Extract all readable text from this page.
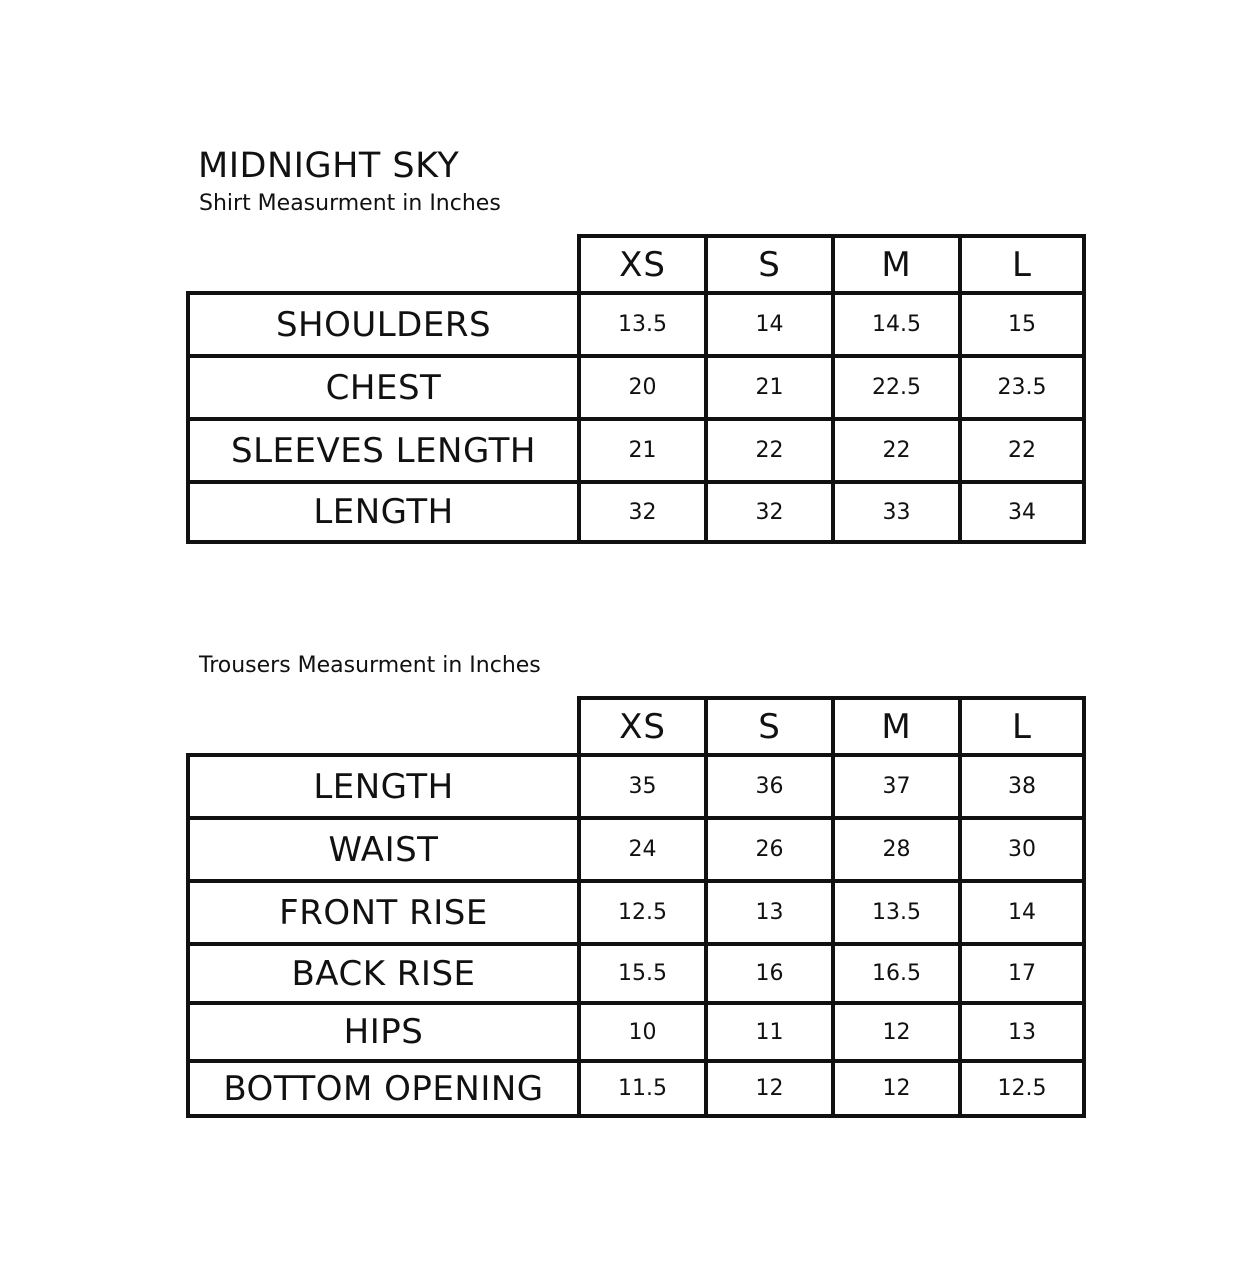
MIDNIGHT SKY
Shirt Measurment in Inches
	XS	S	M	L
SHOULDERS	13.5	14	14.5	15
CHEST	20	21	22.5	23.5
SLEEVES LENGTH	21	22	22	22
LENGTH	32	32	33	34
Trousers Measurment in Inches
	XS	S	M	L
LENGTH	35	36	37	38
WAIST	24	26	28	30
FRONT RISE	12.5	13	13.5	14
BACK RISE	15.5	16	16.5	17
HIPS	10	11	12	13
BOTTOM OPENING	11.5	12	12	12.5
